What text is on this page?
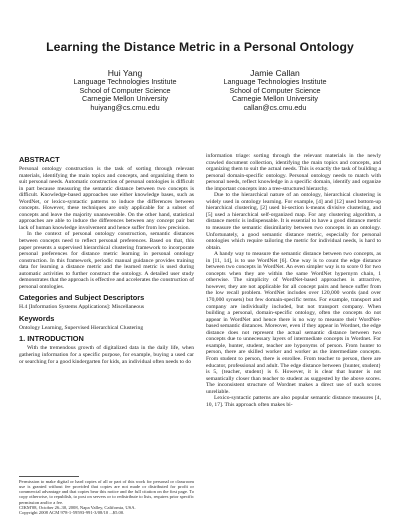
Learning the Distance Metric in a Personal Ontology
Hui Yang
Language Technologies Institute
School of Computer Science
Carnegie Mellon University
huiyang@cs.cmu.edu
Jamie Callan
Language Technologies Institute
School of Computer Science
Carnegie Mellon University
callan@cs.cmu.edu
ABSTRACT

Personal ontology construction is the task of sorting through relevant materials, identifying the main topics and concepts, and organizing them to suit personal needs. Automatic construction of personal ontologies is difficult in part because measuring the semantic distance between two concepts is difficult. Knowledge-based approaches use either knowledge bases, such as WordNet, or lexico-syntactic patterns to induce the differences between concepts. However, these techniques are only applicable for a subset of concepts and leave the majority unanswerable. On the other hand, statistical approaches are able to induce the differences between any concept pair but lack of human knowledge involvement and hence suffer from low precision.

In the context of personal ontology construction, semantic distances between concepts need to reflect personal preferences. Based on that, this paper presents a supervised hierarchical clustering framework to incorporate personal preferences for distance metric learning in personal ontology construction. In this framework, periodic manual guidance provides training data for learning a distance metric and the learned metric is used during automatic activities to further construct the ontology. A detailed user study demonstrates that the approach is effective and accelerates the construction of personal ontologies.

Categories and Subject Descriptors

H.4 [Information Systems Applications]: Miscellaneous

Keywords

Ontology Learning, Supervised Hierarchical Clustering

1. INTRODUCTION

With the tremendous growth of digitalized data in the daily life, when gathering information for a specific purpose, for example, buying a used car or searching for a good kindergarten for kids, an individual often needs to do

Permission to make digital or hard copies of all or part of this work for personal or classroom use is granted without fee provided that copies are not made or distributed for profit or commercial advantage and that copies bear this notice and the full citation on the first page. To copy otherwise, to republish, to post on servers or to redistribute to lists, requires prior specific permission and/or a fee.

CIKM'08, October 26–30, 2008, Napa Valley, California, USA.

Copyright 2008 ACM 978-1-59593-991-3/08/10 ...$5.00.

information triage: sorting through the relevant materials in the newly crawled document collection, identifying the main topics and concepts, and organizing them to suit the actual needs. This is exactly the task of building a personal domain-specific ontology. Personal ontology needs to match with personal needs, reflect knowledge in a specific domain, identify and organize the important concepts into a tree-structured hierarchy.

Due to the hierarchical nature of an ontology, hierarchical clustering is widely used in ontology learning. For example, [4] and [12] used bottom-up hierarchical clustering, [2] used bi-section k-means divisive clustering, and [5] used a hierarchical self-organized map. For any clustering algorithm, a distance metric is indispensable. It is essential to have a good distance metric to measure the semantic dissimilarity between two concepts in an ontology. Unfortunately, a good semantic distance metric, especially for personal ontologies which require tailoring the metric for individual needs, is hard to obtain.

A handy way to measure the semantic distance between two concepts, as in [11, 14], is to use WordNet [6]. One way is to count the edge distance between two concepts in WordNet. An even simpler way is to score 0 for two concepts when they are within the same WordNet hypernym chain, 1 otherwise. The simplicity of WordNet-based approaches is attractive, however, they are not applicable for all concept pairs and hence suffer from the low recall problem. WordNet includes over 120,000 words (and over 170,000 synsets) but few domain-specific terms. For example, transport and company are individually included, but not transport company. When building a personal, domain-specific ontology, often the concepts do not appear in WordNet and hence there is no way to measure their WordNet-based semantic distances. Moreover, even if they appear in Wordnet, the edge distance does not represent the actual semantic distance between two concepts due to unnecessary layers of intermediate concepts in Wordnet. For example, hunter, student, teacher are hyponyms of person. From hunter to person, there are skilled worker and worker as the intermediate concepts. From student to person, there is enrollee. From teacher to person, there are educator, professional and adult. The edge distance between {hunter, student} is 5, {teacher, student} is 6. However, it is clear that hunter is not semantically closer than teacher to student as suggested by the above scores. The inconsistent structure of Wordnet makes a direct use of such scores unreliable.

Lexico-syntactic patterns are also popular semantic distance measures [4, 10, 17]. This approach often makes bi-
